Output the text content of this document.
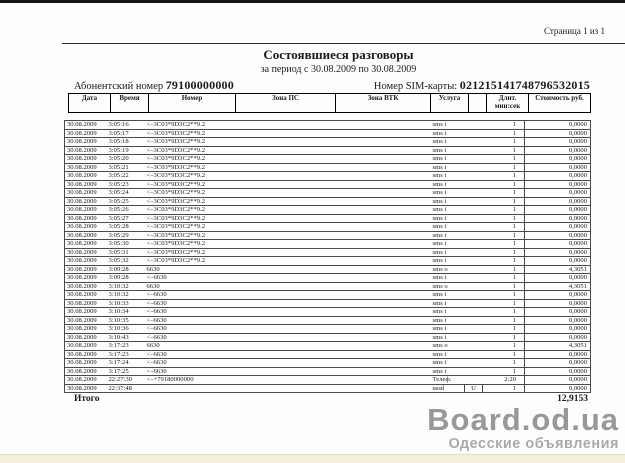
Страница 1 из 1
Состоявшиеся разговоры
за период с 30.08.2009 по 30.08.2009
Абонентский номер 79100000000	Номер SIM-карты: 021215141748796532015
Дата	Время	Номер	Зона ПС	Зона ВТК	Услуга		Длит. мин:сек	Стоимость руб.
30.08.2009	3:05:16	<–3C03*9D3C2**9.2			sms i		1	0,0000
30.08.2009	3:05:17	<–3C03*9D3C2**9.2			sms i		1	0,0000
30.08.2009	3:05:18	<–3C03*9D3C2**9.2			sms i		1	0,0000
30.08.2009	3:05:19	<–3C03*9D3C2**9.2			sms i		1	0,0000
30.08.2009	3:05:20	<–3C03*9D3C2**9.2			sms i		1	0,0000
30.08.2009	3:05:21	<–3C03*9D3C2**9.2			sms i		1	0,0000
30.08.2009	3:05:22	<–3C03*9D3C2**9.2			sms i		1	0,0000
30.08.2009	3:05:23	<–3C03*9D3C2**9.2			sms i		1	0,0000
30.08.2009	3:05:24	<–3C03*9D3C2**9.2			sms i		1	0,0000
30.08.2009	3:05:25	<–3C03*9D3C2**9.2			sms i		1	0,0000
30.08.2009	3:05:26	<–3C03*9D3C2**9.2			sms i		1	0,0000
30.08.2009	3:05:27	<–3C03*9D3C2**9.2			sms i		1	0,0000
30.08.2009	3:05:28	<–3C03*9D3C2**9.2			sms i		1	0,0000
30.08.2009	3:05:29	<–3C03*9D3C2**9.2			sms i		1	0,0000
30.08.2009	3:05:30	<–3C03*9D3C2**9.2			sms i		1	0,0000
30.08.2009	3:05:31	<–3C03*9D3C2**9.2			sms i		1	0,0000
30.08.2009	3:05:32	<–3C03*9D3C2**9.2			sms i		1	0,0000
30.08.2009	3:09:28	6630			sms o		1	4,3051
30.08.2009	3:09:28	<–6630			sms i		1	0,0000
30.08.2009	3:10:32	6630			sms o		1	4,3051
30.08.2009	3:10:32	<–6630			sms i		1	0,0000
30.08.2009	3:10:33	<–6630			sms i		1	0,0000
30.08.2009	3:10:34	<–6630			sms i		1	0,0000
30.08.2009	3:10:35	<–6630			sms i		1	0,0000
30.08.2009	3:10:36	<–6630			sms i		1	0,0000
30.08.2009	3:10:43	<–6630			sms i		1	0,0000
30.08.2009	3:17:23	6630			sms o		1	4,3051
30.08.2009	3:17:23	<–6630			sms i		1	0,0000
30.08.2009	3:17:24	<–6630			sms i		1	0,0000
30.08.2009	3:17:25	<–6630			sms i		1	0,0000
30.08.2009	22:27:30	<–+79180000000			Телеф.		2:20	0,0000
30.08.2009	22:37:48				ussd	U	1	0,0000
Итого	12,9153
Board.od.ua
Одесские объявления
